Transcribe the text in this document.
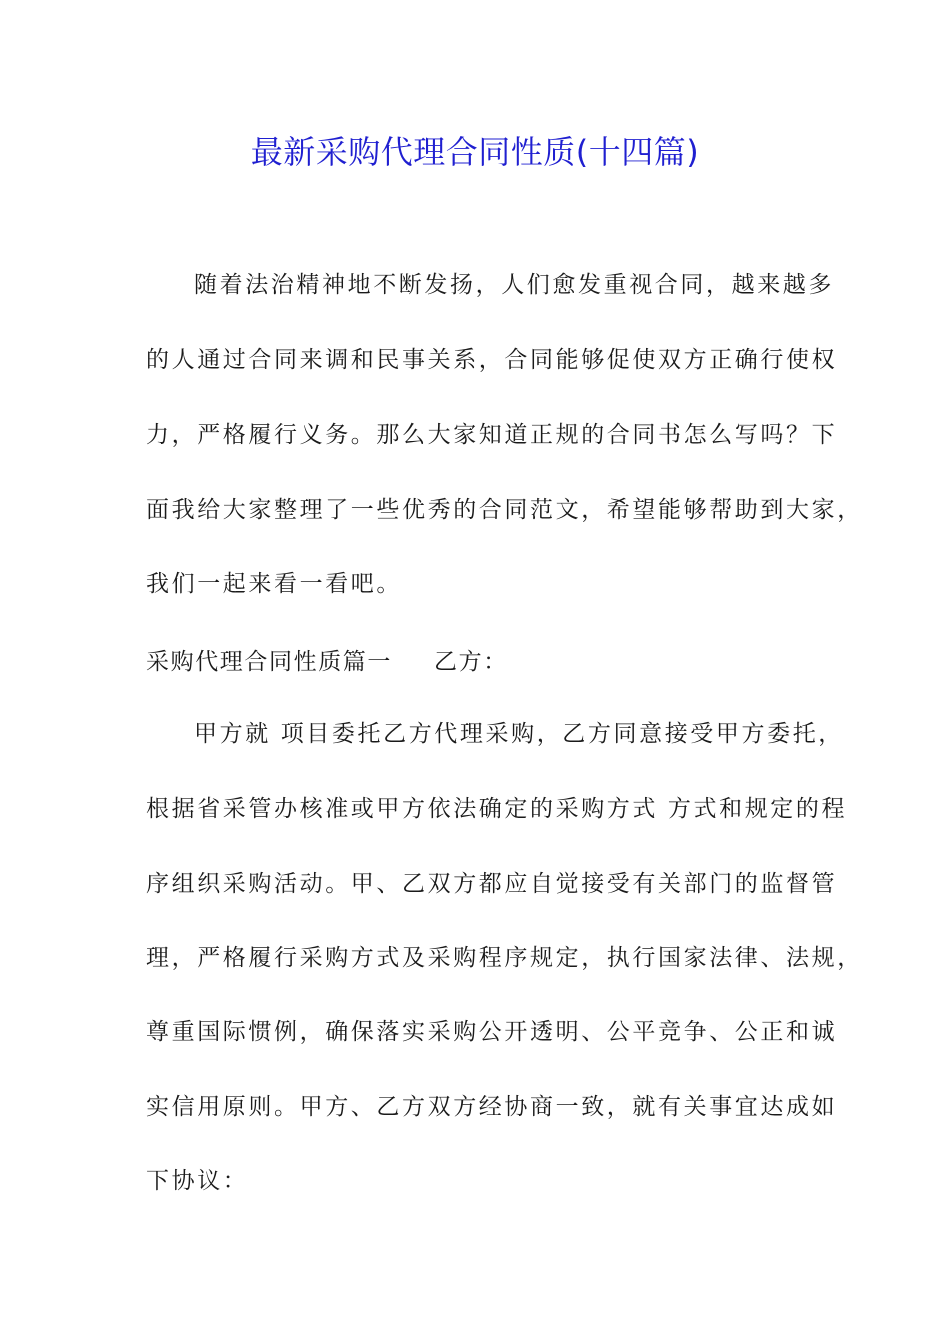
最新采购代理合同性质(十四篇)
随着法治精神地不断发扬，人们愈发重视合同，越来越多
的人通过合同来调和民事关系，合同能够促使双方正确行使权
力，严格履行义务。那么大家知道正规的合同书怎么写吗？下
面我给大家整理了一些优秀的合同范文，希望能够帮助到大家，
我们一起来看一看吧。
采购代理合同性质篇一 乙方：
甲方就 项目委托乙方代理采购，乙方同意接受甲方委托，
根据省采管办核准或甲方依法确定的采购方式 方式和规定的程
序组织采购活动。甲、乙双方都应自觉接受有关部门的监督管
理，严格履行采购方式及采购程序规定，执行国家法律、法规，
尊重国际惯例，确保落实采购公开透明、公平竞争、公正和诚
实信用原则。甲方、乙方双方经协商一致，就有关事宜达成如
下协议：
